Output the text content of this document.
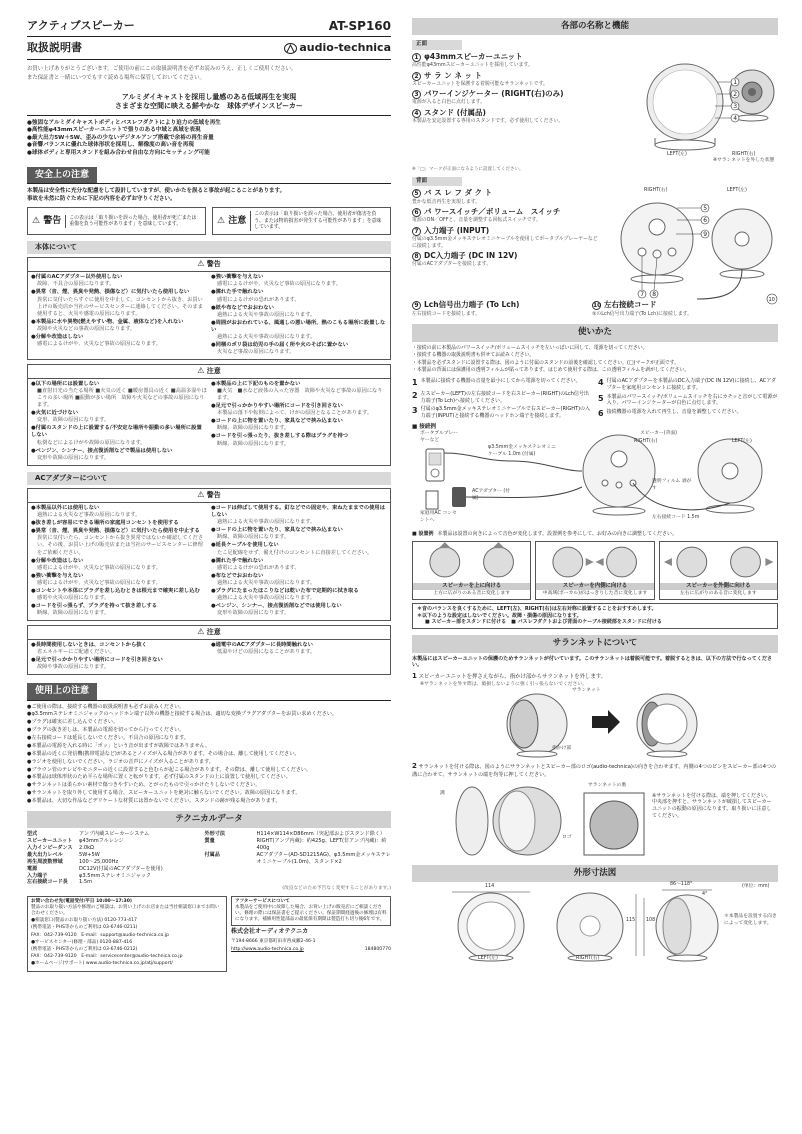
アクティブスピーカー	AT-SP160
取扱説明書	audio-technica
お買い上げありがとうございます。ご使用の前にこの取扱説明書を必ずお読みのうえ、正しくご使用ください。
また保証書と一緒にいつでもすぐ読める場所に保管しておいてください。
アルミダイキャストを採用し量感のある低域再生を実現
さまざまな空間に映える鮮やかな　球体デザインスピーカー
●強固なアルミダイキャストボディとバスレフダクトにより迫力の低域を再生
●高性能φ43mmスピーカーユニットで張りのある中域と高域を表現
●最大出力5W＋5W、歪みの少ないデジタルアンプ搭載で余裕の再生音量
●音響バランスに優れた球体形状を採用し、解像度の高い音を再現
●球体ボディと専用スタンドを組み合わせ自由な方向にセッティング可能
安全上の注意
本製品は安全性に充分な配慮をして設計していますが、使いかたを誤ると事故が起こることがあります。
事故を未然に防ぐために下記の内容を必ずお守りください。
⚠ 警告	この表示は「取り扱いを誤った場合、使用者が死亡または重傷を負う可能性があります」を意味しています。	⚠ 注意
この表示は「取り扱いを誤った場合、使用者が傷害を負う、または物的損害が発生する可能性があります」を意味しています。
本体について
⚠ 警告
●付属のACアダプター以外使用しない
故障、不具合の原因になります。
●異常（音、煙、異臭や発熱、損傷など）に気付いたら使用しない
異常に気付いたらすぐに使用を中止して、コンセントから抜き、お買い上げの販売店か当社のサービスセンターに連絡してください。そのまま使用すると、火災や感電の原因になります。
●本製品に水や異物(燃えやすい物、金属、液体など)を入れない
故障や火災などの事故の原因になります。
●分解や改造はしない
感電によるけがや、火災など事故の原因になります。
●強い衝撃を与えない
感電によるけがや、火災など事故の原因になります。
●濡れた手で触れない
感電によるけがの恐れがあります。
●紙や布などでおおわない
過熱による火災や事故の原因になります。
●周囲がおおわれている、風通しの悪い場所、熱のこもる場所に設置しない
過熱による火災や事故の原因になります。
●同梱のポリ袋は幼児の手の届く所や火のそばに置かない
火災など事故の原因になります。
⚠ 注意
●以下の場所には設置しない
■直射日光の当たる場所 ■火気の近く ■暖房器具の近く ■高温多湿やほこりの多い場所 ■振動が多い場所　故障や火災などの事故の原因になります。
●火気に近づけない
変形、故障の原因になります。
●付属のスタンドの上に設置する/不安定な場所や振動の多い場所に設置しない
転倒などによるけがや故障の原因になります。
●ベンジン、シンナー、接点復活剤などで製品は使用しない
変形や故障の原因になります。
●本製品の上に下記のものを置かない
■火気　■水など液体の入った容器　故障や火災など事故の原因になります。
●足元で引っかかりやすい場所にコードを引き回さない
本製品の落下や転倒によって、けがの原因となることがあります。
●コードの上に物を置いたり、家具などで挟み込まない
断線、故障の原因になります。
●コードを引っ張ったり、抜き差しする際はプラグを持つ
断線、故障の原因になります。
ACアダプターについて
⚠ 警告
●本製品以外には使用しない
過熱による火災など事故の原因になります。
●抜き差しが容易にできる場所の家庭用コンセントを使用する
●異常（音、煙、異臭や発熱、損傷など）に気付いたら使用を中止する
異常に気付いたら、コンセントから抜き異常ではないか確認してください。その後、お買い上げの販売店または当社のサービスセンターに修理をご依頼ください。
●分解や改造はしない
感電によるけがや、火災など事故の原因になります。
●強い衝撃を与えない
感電によるけがや、火災など事故の原因になります。
●コンセントや本体にプラグを差し込むときは根元まで確実に差し込む
感電や火災の原因になります。
●コードを引っ張らず、プラグを持って抜き差しする
断線、故障の原因になります。
●コードは伸ばして使用する。釘などでの固定や、束ねたままでの使用はしない
過熱による火災や事故の原因になります。
●コードの上に物を置いたり、家具などで挟み込まない
断線、故障の原因になります。
●延長ケーブルを使用しない
たこ足配線をせず、備え付けのコンセントに直接差してください。
●濡れた手で触れない
感電によるけがの恐れがあります。
●布などでおおわない
過熱による火災や事故の原因になります。
●プラグにたまったほこりなどは乾いた布で定期的に拭き取る
過熱による火災や事故の原因になります。
●ベンジン、シンナー、接点復活剤などでは使用しない
変形や故障の原因になります。
⚠ 注意
●長時間使用しないときは、コンセントから抜く
省エネルギーにご配慮ください。
●足元で引っかかりやすい場所にコードを引き回さない
故障や事故の原因になります。
●通電中のACアダプターに長時間触れない
低温やけどの原因になることがあります。
使用上の注意
●ご使用の際は、接続する機器の取扱説明書も必ずお読みください。
●φ3.5mmステレオミニジャックのヘッドホン端子以外の機器と接続する場合は、適切な変換プラグアダプターをお買い求めください。
●プラグは確実に差し込んでください。
●プラグの抜き差しは、本製品の電源を切ってから行ってください。
●左右接続コードは延長しないでください。不具合の原因になります。
●本製品の電源を入れる時に「ポッ」という音が出ますが故障ではありません。
●本製品の近くに発信機(携帯電話など)があるとノイズが入る場合があります。その場合は、離して使用してください。
●ラジオを使用しないでください。ラジオの音声にノイズが入ることがあります。
●ブラウン管のテレビやモニターの近くに設置すると色むらが起こる場合があります。その際は、離して使用してください。
●本製品は球体形状のため平らな場所に置くと転がります。必ず付属のスタンドの上に設置して使用してください。
●サランネットは柔らかい素材で傷つきやすいため、とがったもので引っかけたりしないでください。
●サランネットを取り外して使用する場合、スピーカーユニットを絶対に触らないでください。故障の原因になります。
●本製品は、大切な作品などデリケートな材質には置かないでください。スタンドの跡が残る場合があります。
テクニカルデータ
型式	アンプ内蔵スピーカーシステム
スピーカーユニット	φ43mmフルレンジ
入力インピーダンス	2.0kΩ
最大出力レベル	5W+5W
再生周波数帯域	100〜25,000Hz
電源	DC12V(付属のACアダプターを使用)
入力端子	φ3.5mmステレオミニジャック
左右接続コード長	1.5m
外形寸法	H114×W114×D86mm（突起部およびスタンド除く）
質量	RIGHT(アンプ内蔵)：約425g、LEFT(非アンプ内蔵)：約400g
付属品	ACアダプター(AD-SD1215AG)、φ3.5mm金メッキステレオミニケーブル(1.0m)、スタンド×2
(改良などのため予告なく変更することがあります。)
お問い合わせ先(電話受付/平日 10:00〜17:30)
製品のお取り扱い方法や修理のご相談は、お買い上げのお店または当社相談窓口までお問い合わせください。
●相談窓口(製品のお取り扱い方法) 0120-773-417
(携帯電話・PHS等からのご利用は 03-6746-0211)
FAX：042-739-9120　E-mail：support@audio-technica.co.jp
●サービスセンター(修理・部品) 0120-887-416
(携帯電話・PHS等からのご利用は 03-6746-0212)
FAX：042-739-9120　E-mail：servicecenter@audio-technica.co.jp
●ホームページ(サポート) www.audio-technica.co.jp/atj/support/
アフターサービスについて
本製品をご使用中に故障した場合、お買い上げの販売店にご相談ください。修理の際には保証書をご提示ください。保証期間経過後の修理は有料になります。補修用性能部品の最低保有期間は製造打ち切り後6年です。
株式会社オーディオテクニカ
〒194-8666 東京都町田市西成瀬2-46-1
http://www.audio-technica.co.jp	184800770
各部の名称と機能
正面
1 φ43mmスピーカーユニット
高性能φ43mmスピーカーユニットを採用しています。
2 サ ラ ン ネ ッ ト
スピーカーユニットを保護する着脱可能なサランネットです。
3 パワーインジケーター (RIGHT(右)のみ)
電源が入ると白色に点灯します。
4 スタンド (付属品)
本製品を安定設置する専用のスタンドです。必ず使用してください。
1
2
3
4
LEFT(左)	RIGHT(右)
※サランネットを外した状態
※「□」マークが正面になるように設置してください。
背面
5 バ ス レ フ ダ ク ト
豊かな低音再生を実現します。
6 パ ワースイッチ／ボリューム　スイッチ
電源のON／OFFと、音量を調整する回転式スイッチです。
7 入力端子 (INPUT)
付属のφ3.5mm金メッキステレオミニケーブルを使用してポータブルプレーヤーなどに接続します。
8 DC入力端子 (DC IN 12V)
付属のACアダプターを接続します。
RIGHT(右)	LEFT(左)
5
6
9
7 8
10
9 Lch信号出力端子 (To Lch)
左右接続コードを接続します。
10 左右接続コード
⑨のLch信号出力端子(To Lch)に接続します。
使いかた
・接続の前に本製品のパワースイッチ/ボリュームスイッチを左いっぱいに回して、電源を切ってください。
・接続する機器の取扱説明書も併せてお読みください。
・本製品を必ずスタンドに設置する際は、図のように付属のスタンドの前後を確認してください。(□)マークが正面です。
・本製品の背面には保護用の透明フィルムが貼ってあります。はじめて使用する際は、この透明フィルムを剥がしてください。
1 本製品に接続する機器の音量を最小にしてから電源を切ってください。
2 左スピーカー(LEFT)の左右接続コードを右スピーカー(RIGHT)のLch信号出力端子(To Lch)へ接続してください。
3 付属のφ3.5mm金メッキステレオミニケーブルで右スピーカー(RIGHT)の入力端子(INPUT)と接続する機器のヘッドホン端子を接続します。
4 付属のACアダプターを本製品のDC入力端子(DC IN 12V)に接続し、ACアダプターを家庭用コンセントに接続します。
5 本製品のパワースイッチ/ボリュームスイッチを右にカチッと音がして電源が入り、パワーインジケーターが白色に点灯します。
6 接続機器の電源を入れて再生し、音量を調整してください。
■ 接続例
ポータブルプレーヤーなど
φ3.5mm金メッキステレオミニケーブル 1.0m (付属)
スピーカー(背面)
RIGHT(右)	LEFT(左)
ACアダプター (付属)
家庭用AC コンセントへ
透明フィルム 剥がす
左右接続コード 1.5m
■ 設置例 本製品は設置の向きによって音色が変化します。設置例を参考にして、お好みの向きに調整してください。
スピーカーを上に向ける
上方に広がりのある音に変化します
スピーカーを内側に向ける
中高域(ボーカル)がはっきりした音に変化します
スピーカーを外側に向ける
左右に広がりのある音に変化します
＊音のバランスを良くするために、LEFT(左)、RIGHT(右)は左右対称に設置することをおすすめします。
＊以下のような設定はしないでください。故障・損傷の原因になります。
■ スピーカー部をスタンドに付ける　■ バスレフダクトおよび背面のケーブル接続部をスタンドに付ける
サランネットについて
本製品にはスピーカーユニットの保護のためサランネットが付いています。このサランネットは着脱可能です。着脱するときは、以下の方法で行なってください。
1 スピーカーユニットを押さえながら、指かけ部からサランネットを外します。
※サランネットを外す際は、破損しないように強く引っ張らないでください。
サランネット
指かけ部
2 サランネットを付ける際は、図のようにサランネットとスピーカー部のロゴ(audio-technica)の向きを合わせます。内側の4つのピンをスピーカー部の4つの溝に合わせて、サランネットの端を均等に押してください。
溝
ロゴ
サランネットの裏
※サランネットを付ける際は、端を押してください。中央部を押すと、サランネットが破損してスピーカーユニットの振動の原因になります。取り扱いに注意してください。
外形寸法図
114
115 108
86〜118°
4°
(単位：mm)
LEFT(左)	RIGHT(右)
＊本製品を設置する向きによって変化します。
